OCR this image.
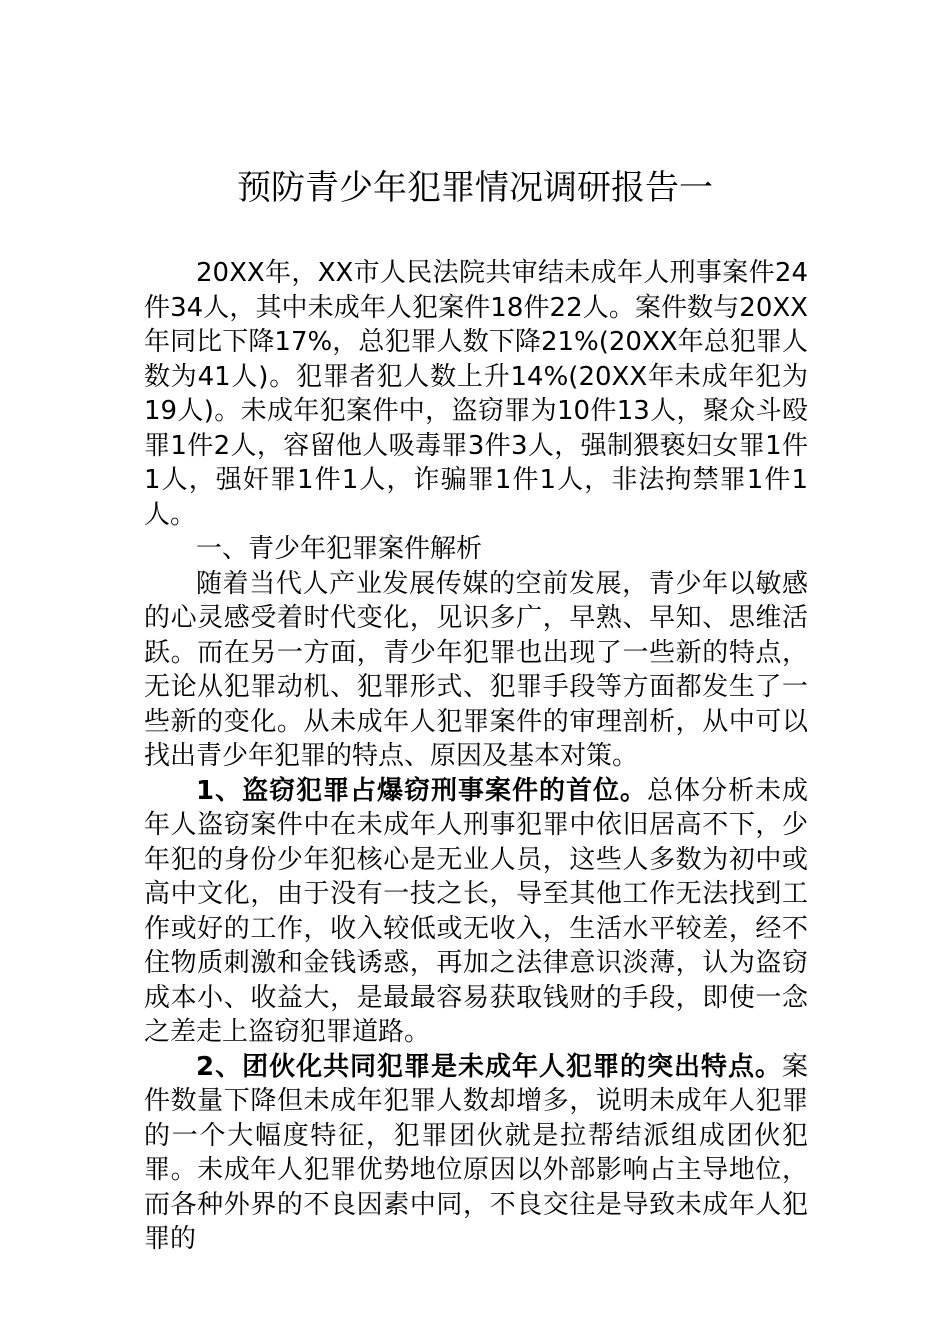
预防青少年犯罪情况调研报告一

20XX年，XX市人民法院共审结未成年人刑事案件24件34人，其中未成年人犯案件18件22人。案件数与20XX年同比下降17%，总犯罪人数下降21%(20XX年总犯罪人数为41人)。犯罪者犯人数上升14%(20XX年未成年犯为19人)。未成年犯案件中，盗窃罪为10件13人，聚众斗殴罪1件2人，容留他人吸毒罪3件3人，强制猥亵妇女罪1件1人，强奸罪1件1人，诈骗罪1件1人，非法拘禁罪1件1人。

一、青少年犯罪案件解析

随着当代人产业发展传媒的空前发展，青少年以敏感的心灵感受着时代变化，见识多广，早熟、早知、思维活跃。而在另一方面，青少年犯罪也出现了一些新的特点，无论从犯罪动机、犯罪形式、犯罪手段等方面都发生了一些新的变化。从未成年人犯罪案件的审理剖析，从中可以找出青少年犯罪的特点、原因及基本对策。

1、盗窃犯罪占爆窃刑事案件的首位。总体分析未成年人盗窃案件中在未成年人刑事犯罪中依旧居高不下，少年犯的身份少年犯核心是无业人员，这些人多数为初中或高中文化，由于没有一技之长，导至其他工作无法找到工作或好的工作，收入较低或无收入，生活水平较差，经不住物质刺激和金钱诱惑，再加之法律意识淡薄，认为盗窃成本小、收益大，是最最容易获取钱财的手段，即使一念之差走上盗窃犯罪道路。

2、团伙化共同犯罪是未成年人犯罪的突出特点。案件数量下降但未成年犯罪人数却增多，说明未成年人犯罪的一个大幅度特征，犯罪团伙就是拉帮结派组成团伙犯罪。未成年人犯罪优势地位原因以外部影响占主导地位，而各种外界的不良因素中同，不良交往是导致未成年人犯罪的
